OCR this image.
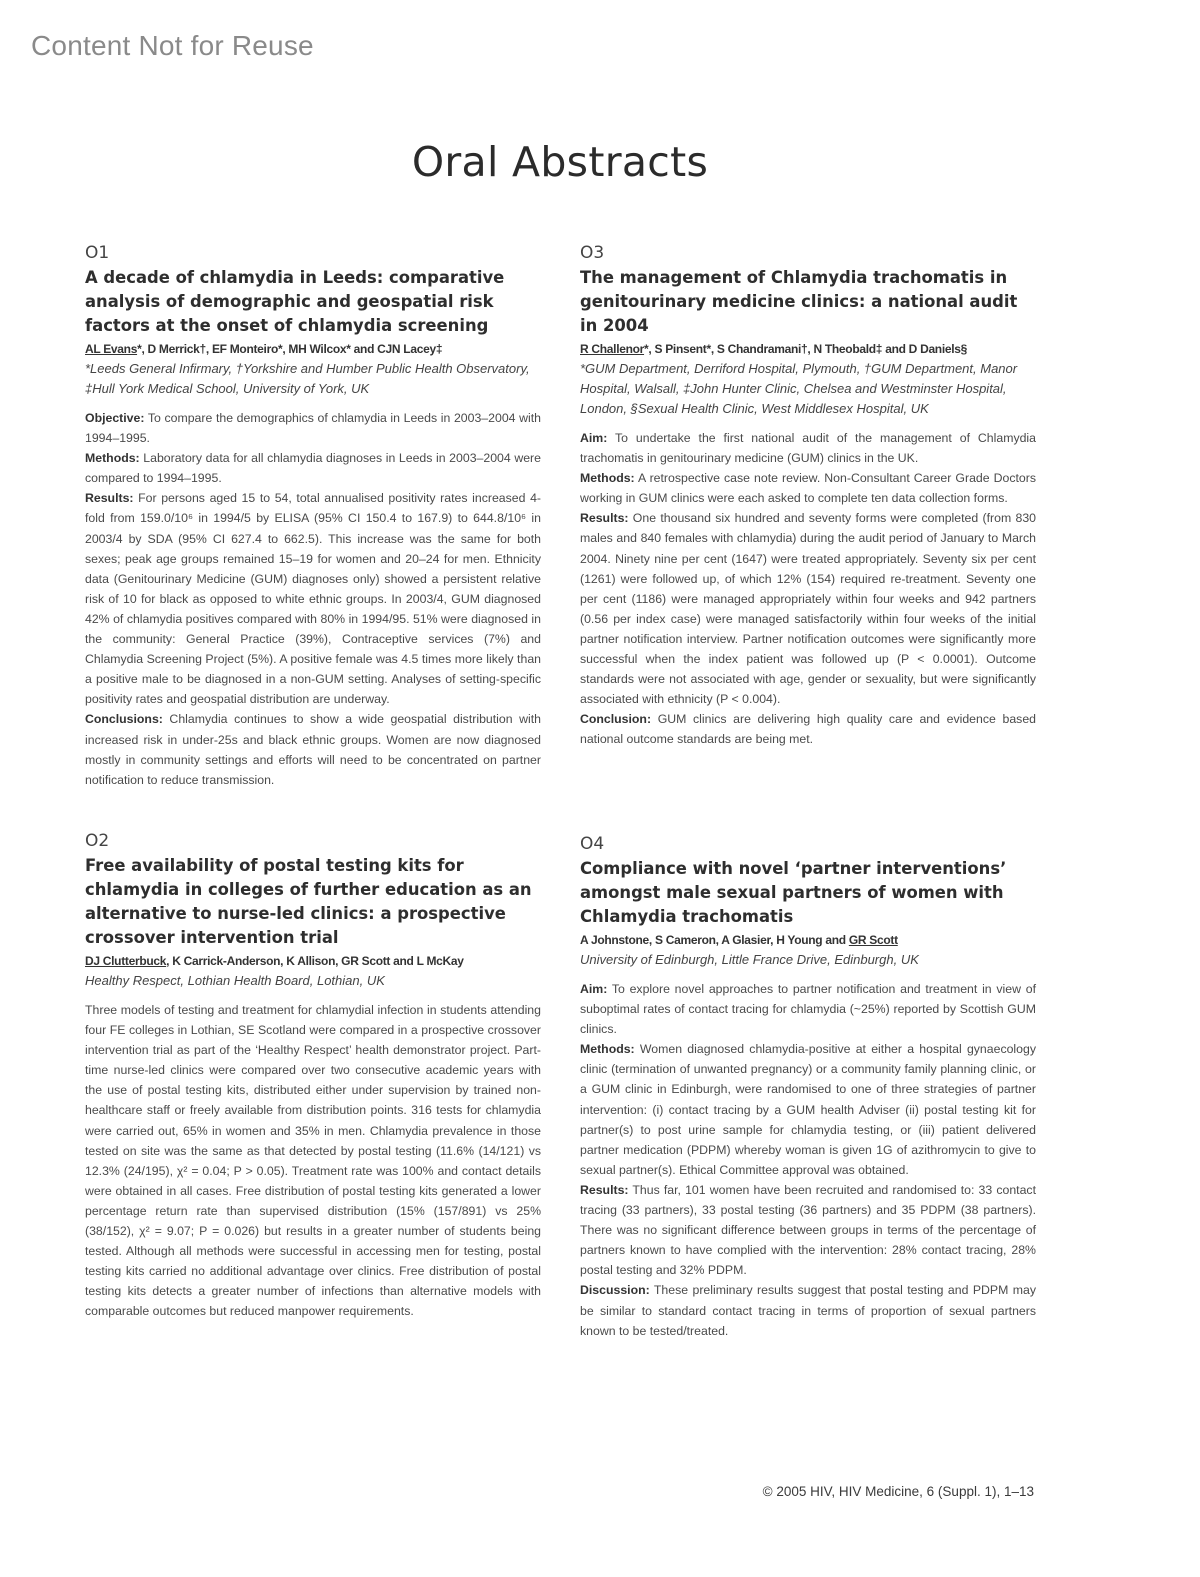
Content Not for Reuse
Oral Abstracts
O1
A decade of chlamydia in Leeds: comparative analysis of demographic and geospatial risk factors at the onset of chlamydia screening
AL Evans*, D Merrick†, EF Monteiro*, MH Wilcox* and CJN Lacey‡
*Leeds General Infirmary, †Yorkshire and Humber Public Health Observatory, ‡Hull York Medical School, University of York, UK

Objective: To compare the demographics of chlamydia in Leeds in 2003–2004 with 1994–1995.

Methods: Laboratory data for all chlamydia diagnoses in Leeds in 2003–2004 were compared to 1994–1995.

Results: For persons aged 15 to 54, total annualised positivity rates increased 4-fold from 159.0/10⁶ in 1994/5 by ELISA (95% CI 150.4 to 167.9) to 644.8/10⁶ in 2003/4 by SDA (95% CI 627.4 to 662.5). This increase was the same for both sexes; peak age groups remained 15–19 for women and 20–24 for men. Ethnicity data (Genitourinary Medicine (GUM) diagnoses only) showed a persistent relative risk of 10 for black as opposed to white ethnic groups. In 2003/4, GUM diagnosed 42% of chlamydia positives compared with 80% in 1994/95. 51% were diagnosed in the community: General Practice (39%), Contraceptive services (7%) and Chlamydia Screening Project (5%). A positive female was 4.5 times more likely than a positive male to be diagnosed in a non-GUM setting. Analyses of setting-specific positivity rates and geospatial distribution are underway.

Conclusions: Chlamydia continues to show a wide geospatial distribution with increased risk in under-25s and black ethnic groups. Women are now diagnosed mostly in community settings and efforts will need to be concentrated on partner notification to reduce transmission.

O2
Free availability of postal testing kits for chlamydia in colleges of further education as an alternative to nurse-led clinics: a prospective crossover intervention trial
DJ Clutterbuck, K Carrick-Anderson, K Allison, GR Scott and L McKay
Healthy Respect, Lothian Health Board, Lothian, UK

Three models of testing and treatment for chlamydial infection in students attending four FE colleges in Lothian, SE Scotland were compared in a prospective crossover intervention trial as part of the ‘Healthy Respect’ health demonstrator project. Part-time nurse-led clinics were compared over two consecutive academic years with the use of postal testing kits, distributed either under supervision by trained non-healthcare staff or freely available from distribution points. 316 tests for chlamydia were carried out, 65% in women and 35% in men. Chlamydia prevalence in those tested on site was the same as that detected by postal testing (11.6% (14/121) vs 12.3% (24/195), χ² = 0.04; P > 0.05). Treatment rate was 100% and contact details were obtained in all cases. Free distribution of postal testing kits generated a lower percentage return rate than supervised distribution (15% (157/891) vs 25% (38/152), χ² = 9.07; P = 0.026) but results in a greater number of students being tested. Although all methods were successful in accessing men for testing, postal testing kits carried no additional advantage over clinics. Free distribution of postal testing kits detects a greater number of infections than alternative models with comparable outcomes but reduced manpower requirements.

O3
The management of Chlamydia trachomatis in genitourinary medicine clinics: a national audit in 2004
R Challenor*, S Pinsent*, S Chandramani†, N Theobald‡ and D Daniels§
*GUM Department, Derriford Hospital, Plymouth, †GUM Department, Manor Hospital, Walsall, ‡John Hunter Clinic, Chelsea and Westminster Hospital, London, §Sexual Health Clinic, West Middlesex Hospital, UK

Aim: To undertake the first national audit of the management of Chlamydia trachomatis in genitourinary medicine (GUM) clinics in the UK.

Methods: A retrospective case note review. Non-Consultant Career Grade Doctors working in GUM clinics were each asked to complete ten data collection forms.

Results: One thousand six hundred and seventy forms were completed (from 830 males and 840 females with chlamydia) during the audit period of January to March 2004. Ninety nine per cent (1647) were treated appropriately. Seventy six per cent (1261) were followed up, of which 12% (154) required re-treatment. Seventy one per cent (1186) were managed appropriately within four weeks and 942 partners (0.56 per index case) were managed satisfactorily within four weeks of the initial partner notification interview. Partner notification outcomes were significantly more successful when the index patient was followed up (P < 0.0001). Outcome standards were not associated with age, gender or sexuality, but were significantly associated with ethnicity (P < 0.004).

Conclusion: GUM clinics are delivering high quality care and evidence based national outcome standards are being met.

O4
Compliance with novel ‘partner interventions’ amongst male sexual partners of women with Chlamydia trachomatis
A Johnstone, S Cameron, A Glasier, H Young and GR Scott
University of Edinburgh, Little France Drive, Edinburgh, UK

Aim: To explore novel approaches to partner notification and treatment in view of suboptimal rates of contact tracing for chlamydia (~25%) reported by Scottish GUM clinics.

Methods: Women diagnosed chlamydia-positive at either a hospital gynaecology clinic (termination of unwanted pregnancy) or a community family planning clinic, or a GUM clinic in Edinburgh, were randomised to one of three strategies of partner intervention: (i) contact tracing by a GUM health Adviser (ii) postal testing kit for partner(s) to post urine sample for chlamydia testing, or (iii) patient delivered partner medication (PDPM) whereby woman is given 1G of azithromycin to give to sexual partner(s). Ethical Committee approval was obtained.

Results: Thus far, 101 women have been recruited and randomised to: 33 contact tracing (33 partners), 33 postal testing (36 partners) and 35 PDPM (38 partners). There was no significant difference between groups in terms of the percentage of partners known to have complied with the intervention: 28% contact tracing, 28% postal testing and 32% PDPM.

Discussion: These preliminary results suggest that postal testing and PDPM may be similar to standard contact tracing in terms of proportion of sexual partners known to be tested/treated.

© 2005 HIV, HIV Medicine, 6 (Suppl. 1), 1–13
